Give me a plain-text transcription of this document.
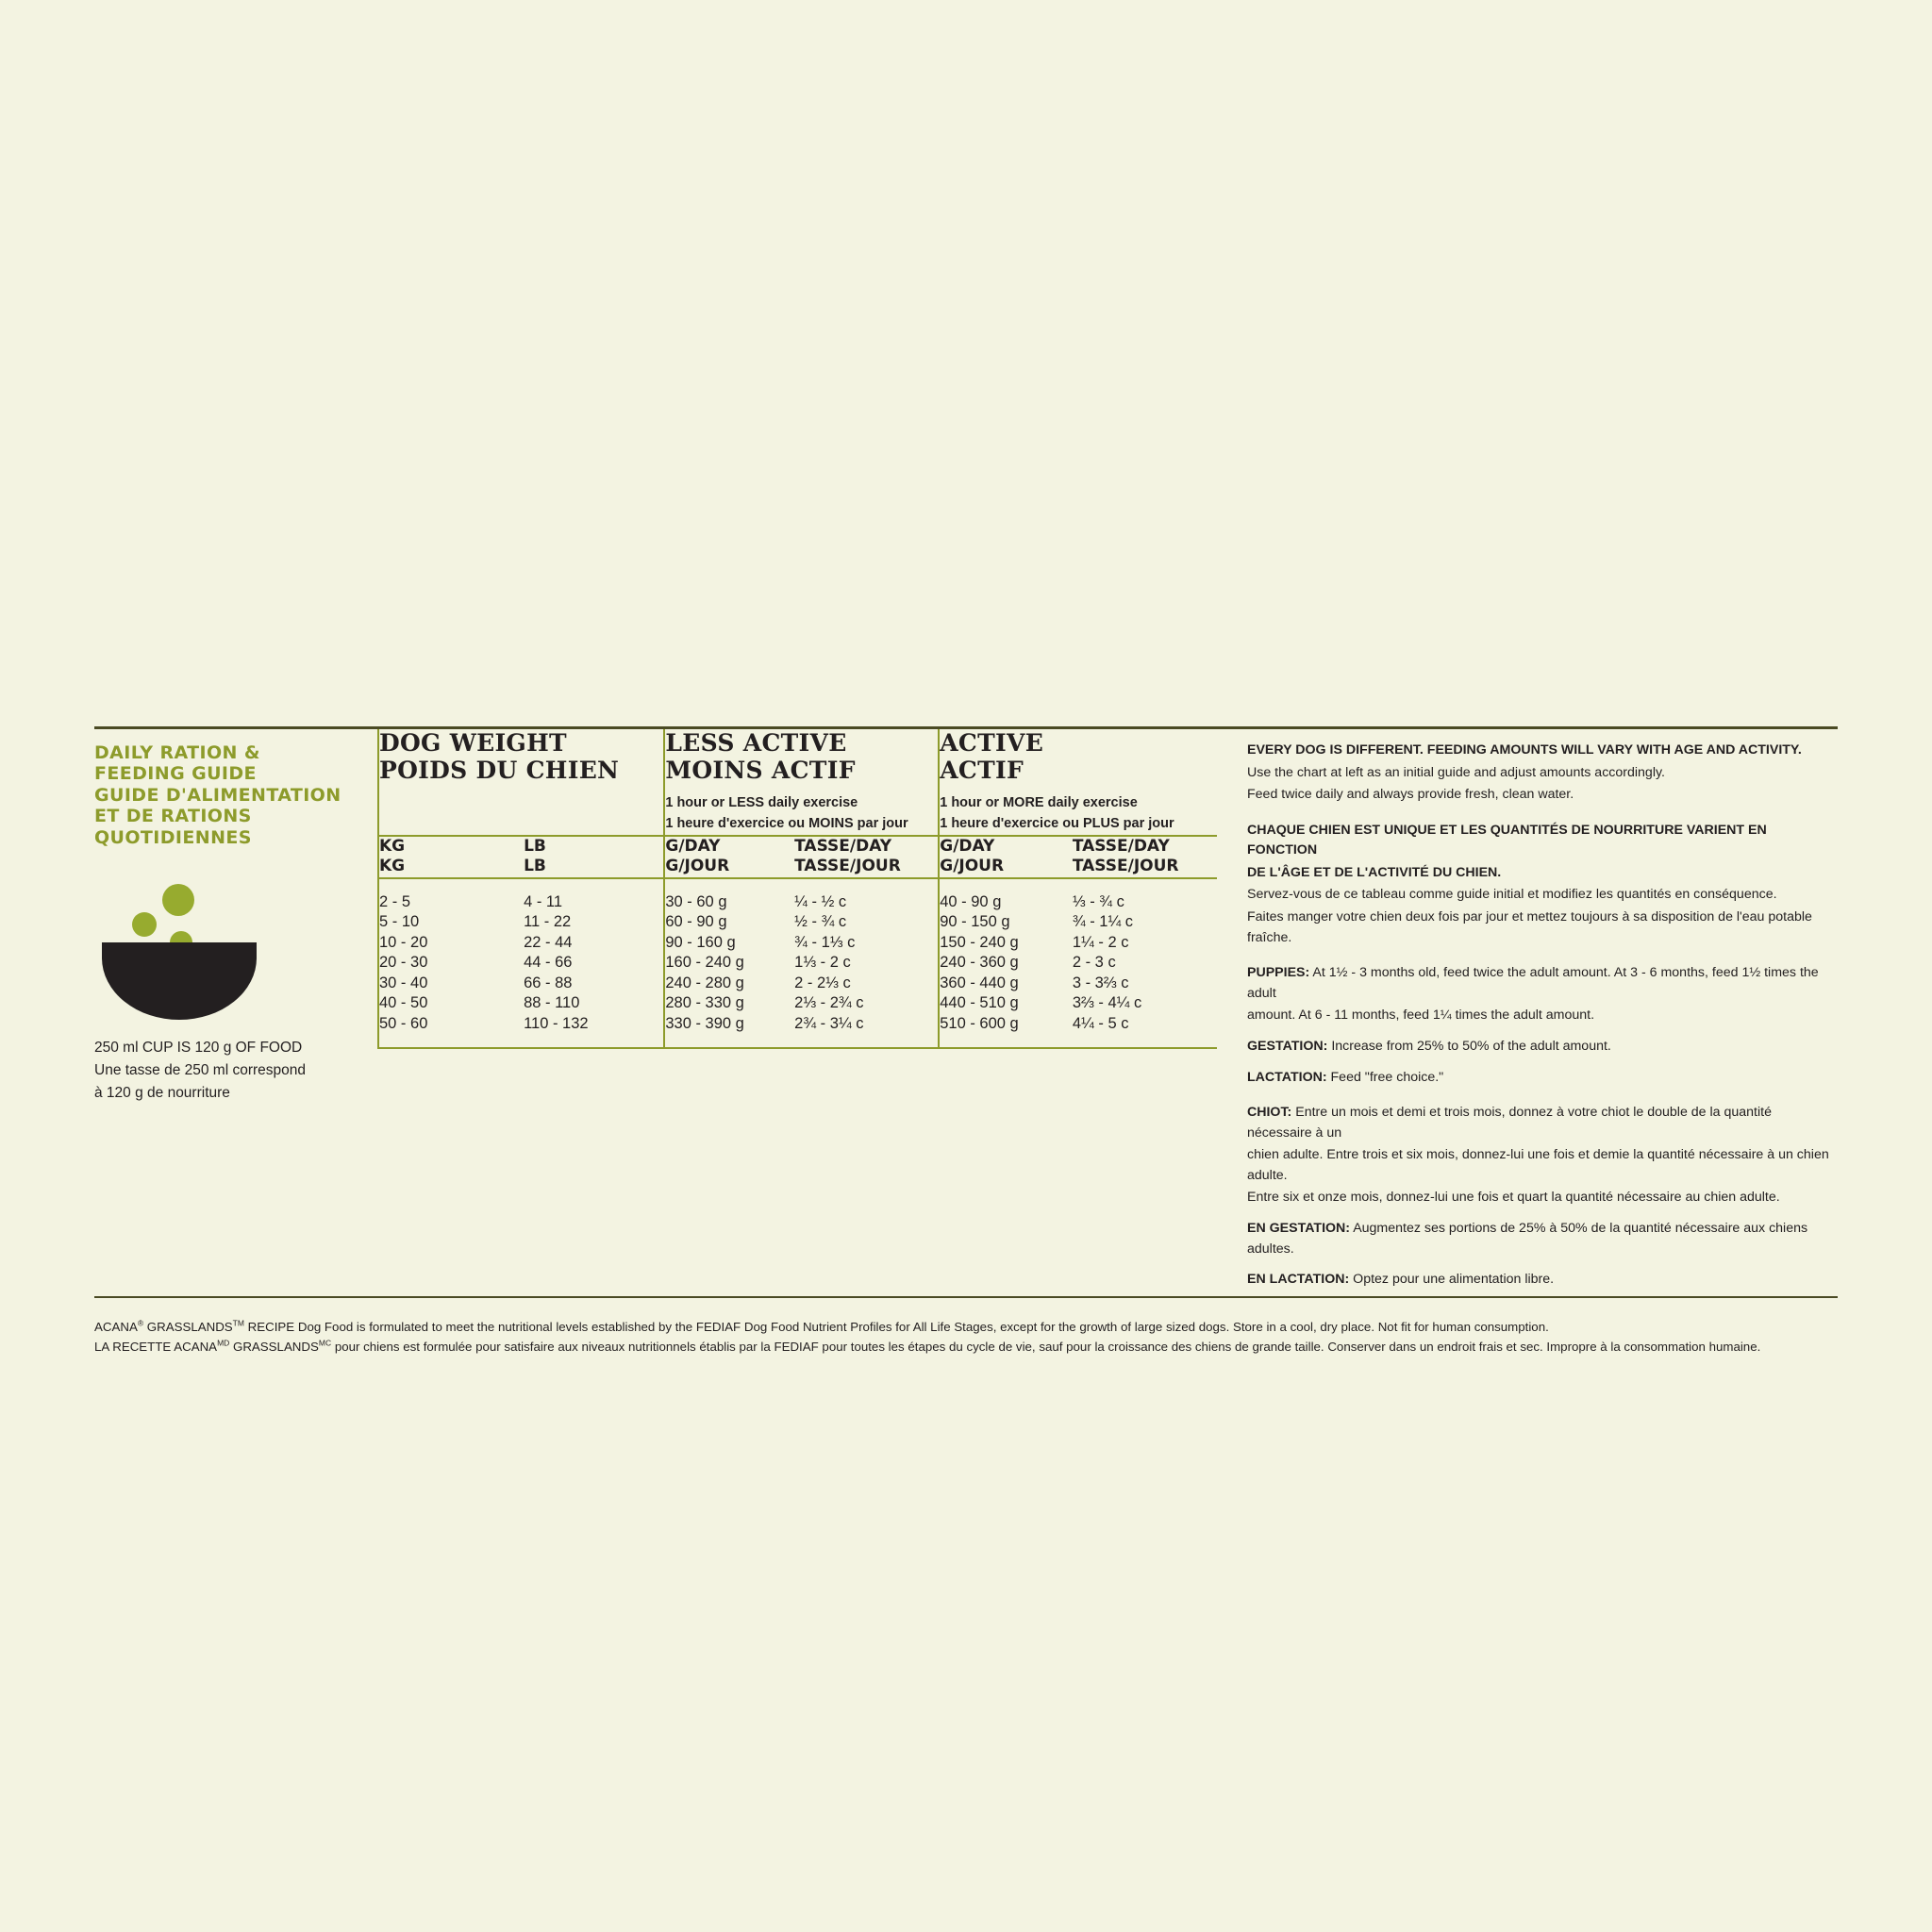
DAILY RATION &
FEEDING GUIDE
GUIDE D'ALIMENTATION
ET DE RATIONS
QUOTIDIENNES
250 ml CUP IS 120 g OF FOOD
Une tasse de 250 ml correspond
à 120 g de nourriture
DOG WEIGHT
POIDS DU CHIEN

LESS ACTIVE
MOINS ACTIF
1 hour or LESS daily exercise
1 heure d'exercice ou MOINS par jour

ACTIVE
ACTIF
1 hour or MORE daily exercise
1 heure d'exercice ou PLUS par jour

KG
KG

LB
LB

G/DAY
G/JOUR

TASSE/DAY
TASSE/JOUR

G/DAY
G/JOUR

TASSE/DAY
TASSE/JOUR

2 - 5	4 - 11	30 - 60 g	¼ - ½ c	40 - 90 g	⅓ - ¾ c
5 - 10	11 - 22	60 - 90 g	½ - ¾ c	90 - 150 g	¾ - 1¼ c
10 - 20	22 - 44	90 - 160 g	¾ - 1⅓ c	150 - 240 g	1¼ - 2 c
20 - 30	44 - 66	160 - 240 g	1⅓ - 2 c	240 - 360 g	2 - 3 c
30 - 40	66 - 88	240 - 280 g	2 - 2⅓ c	360 - 440 g	3 - 3⅔ c
40 - 50	88 - 110	280 - 330 g	2⅓ - 2¾ c	440 - 510 g	3⅔ - 4¼ c
50 - 60	110 - 132	330 - 390 g	2¾ - 3¼ c	510 - 600 g	4¼ - 5 c

EVERY DOG IS DIFFERENT. FEEDING AMOUNTS WILL VARY WITH AGE AND ACTIVITY.

Use the chart at left as an initial guide and adjust amounts accordingly.

Feed twice daily and always provide fresh, clean water.

CHAQUE CHIEN EST UNIQUE ET LES QUANTITÉS DE NOURRITURE VARIENT EN FONCTION

DE L'ÂGE ET DE L'ACTIVITÉ DU CHIEN.

Servez-vous de ce tableau comme guide initial et modifiez les quantités en conséquence.

Faites manger votre chien deux fois par jour et mettez toujours à sa disposition de l'eau potable fraîche.

PUPPIES: At 1½ - 3 months old, feed twice the adult amount. At 3 - 6 months, feed 1½ times the adult

amount. At 6 - 11 months, feed 1¼ times the adult amount.

GESTATION: Increase from 25% to 50% of the adult amount.

LACTATION: Feed "free choice."

CHIOT: Entre un mois et demi et trois mois, donnez à votre chiot le double de la quantité nécessaire à un

chien adulte. Entre trois et six mois, donnez-lui une fois et demie la quantité nécessaire à un chien adulte.

Entre six et onze mois, donnez-lui une fois et quart la quantité nécessaire au chien adulte.

EN GESTATION: Augmentez ses portions de 25% à 50% de la quantité nécessaire aux chiens adultes.

EN LACTATION: Optez pour une alimentation libre.

ACANA® GRASSLANDS™ RECIPE Dog Food is formulated to meet the nutritional levels established by the FEDIAF Dog Food Nutrient Profiles for All Life Stages, except for the growth of large sized dogs. Store in a cool, dry place. Not fit for human consumption.

LA RECETTE $ACANA^{MD}$ $GRASSLANDS^{MC}$ pour chiens est formulée pour satisfaire aux niveaux nutritionnels établis par la FEDIAF pour toutes les étapes du cycle de vie, sauf pour la croissance des chiens de grande taille. Conserver dans un endroit frais et sec. Impropre à la consommation humaine.
